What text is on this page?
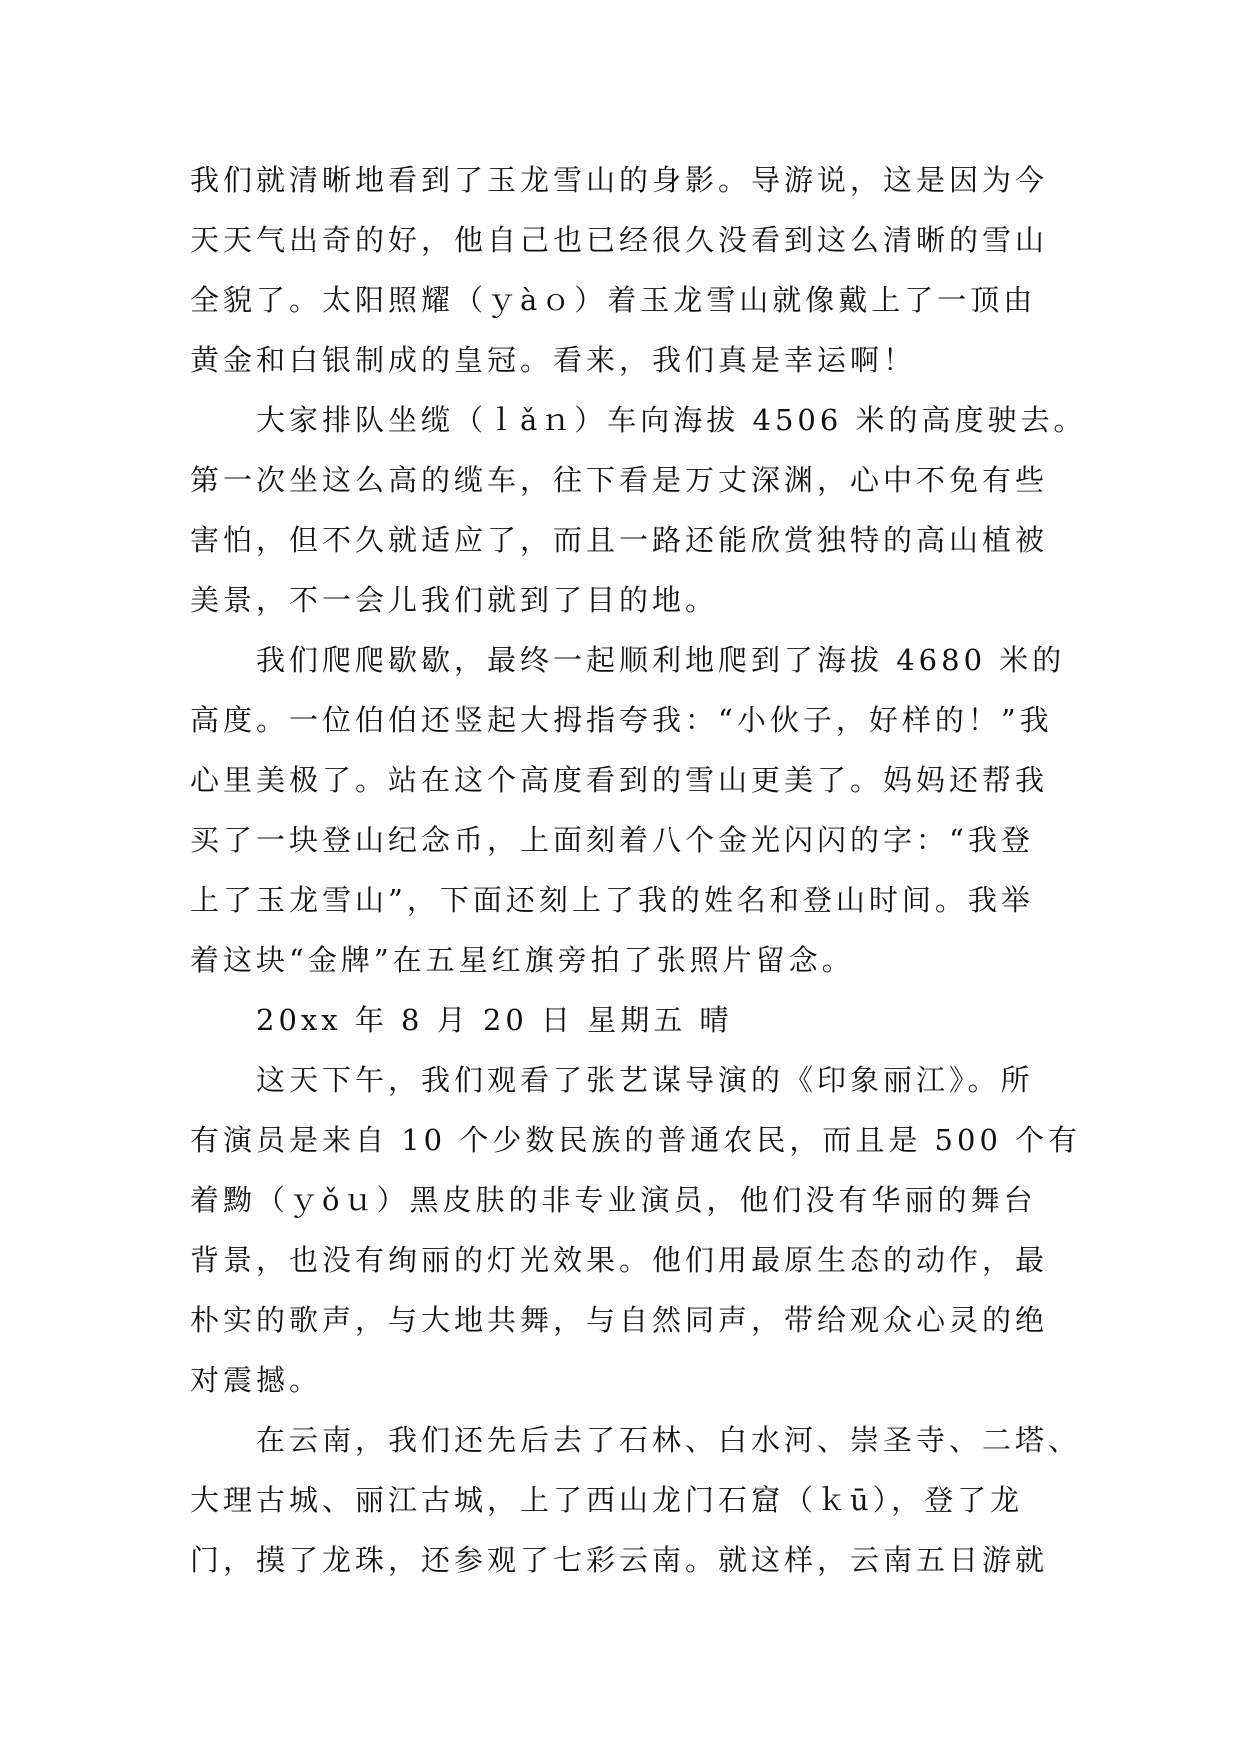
我们就清晰地看到了玉龙雪山的身影。导游说，这是因为今
天天气出奇的好，他自己也已经很久没看到这么清晰的雪山
全貌了。太阳照耀（ｙàｏ）着玉龙雪山就像戴上了一顶由
黄金和白银制成的皇冠。看来，我们真是幸运啊！
大家排队坐缆（ｌǎｎ）车向海拔 4506 米的高度驶去。
第一次坐这么高的缆车，往下看是万丈深渊，心中不免有些
害怕，但不久就适应了，而且一路还能欣赏独特的高山植被
美景，不一会儿我们就到了目的地。
我们爬爬歇歇，最终一起顺利地爬到了海拔 4680 米的
高度。一位伯伯还竖起大拇指夸我：“小伙子，好样的！”我
心里美极了。站在这个高度看到的雪山更美了。妈妈还帮我
买了一块登山纪念币，上面刻着八个金光闪闪的字：“我登
上了玉龙雪山”，下面还刻上了我的姓名和登山时间。我举
着这块“金牌”在五星红旗旁拍了张照片留念。
20xx 年 8 月 20 日 星期五 晴
这天下午，我们观看了张艺谋导演的《印象丽江》。所
有演员是来自 10 个少数民族的普通农民，而且是 500 个有
着黝（ｙǒｕ）黑皮肤的非专业演员，他们没有华丽的舞台
背景，也没有绚丽的灯光效果。他们用最原生态的动作，最
朴实的歌声，与大地共舞，与自然同声，带给观众心灵的绝
对震撼。
在云南，我们还先后去了石林、白水河、崇圣寺、二塔、
大理古城、丽江古城，上了西山龙门石窟（ｋū），登了龙
门，摸了龙珠，还参观了七彩云南。就这样，云南五日游就
